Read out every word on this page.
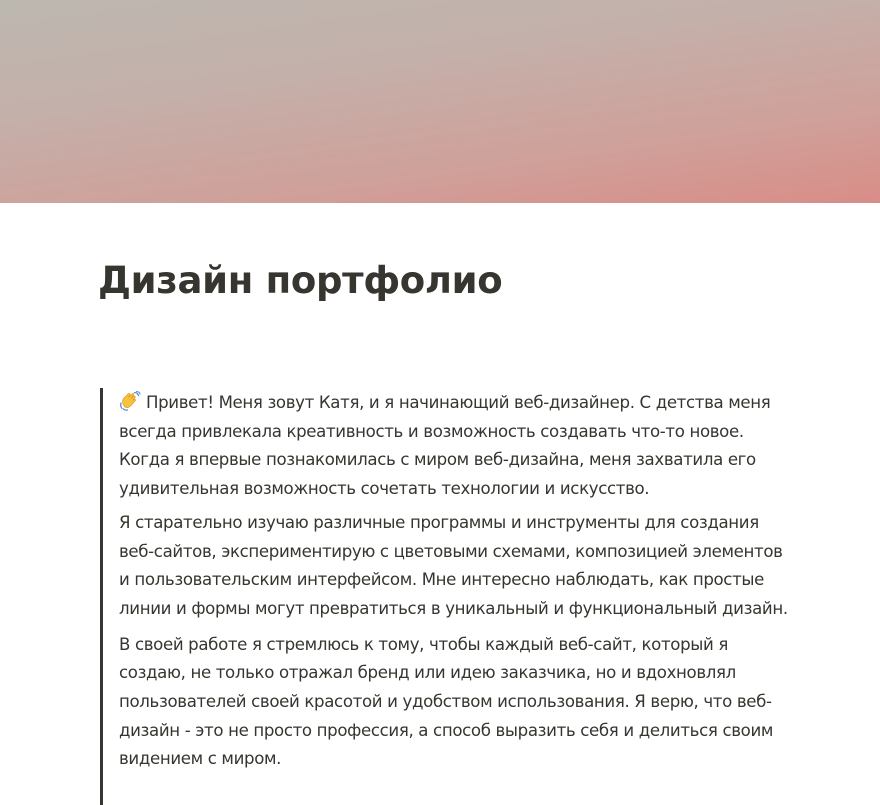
Дизайн портфолио

Привет! Меня зовут Катя, и я начинающий веб-дизайнер. С детства меня всегда привлекала креативность и возможность создавать что-то новое. Когда я впервые познакомилась с миром веб-дизайна, меня захватила его удивительная возможность сочетать технологии и искусство.

Я старательно изучаю различные программы и инструменты для создания веб-сайтов, экспериментирую с цветовыми схемами, композицией элементов и пользовательским интерфейсом. Мне интересно наблюдать, как простые линии и формы могут превратиться в уникальный и функциональный дизайн.

В своей работе я стремлюсь к тому, чтобы каждый веб-сайт, который я создаю, не только отражал бренд или идею заказчика, но и вдохновлял пользователей своей красотой и удобством использования. Я верю, что веб-дизайн - это не просто профессия, а способ выразить себя и делиться своим видением с миром.
